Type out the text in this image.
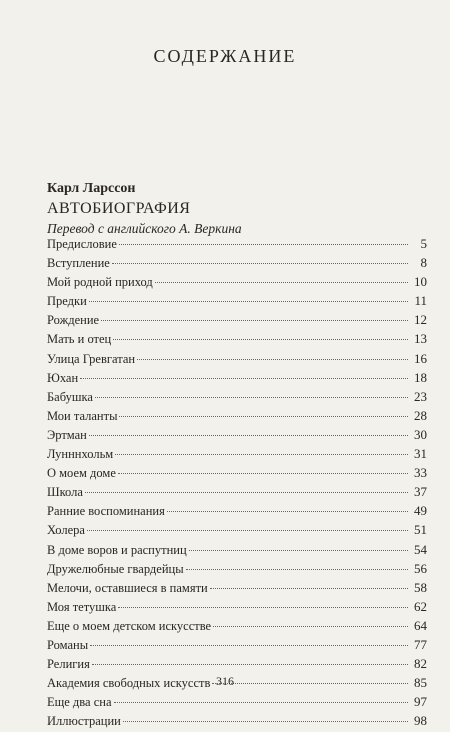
СОДЕРЖАНИЕ
Карл Ларссон
АВТОБИОГРАФИЯ
Перевод с английского А. Веркина
Предисловие	5
Вступление	8
Мой родной приход	10
Предки	11
Рождение	12
Мать и отец	13
Улица Гревгатан	16
Юхан	18
Бабушка	23
Мои таланты	28
Эртман	30
Лунннхольм	31
О моем доме	33
Школа	37
Ранние воспоминания	49
Холера	51
В доме воров и распутниц	54
Дружелюбные гвардейцы	56
Мелочи, оставшиеся в памяти	58
Моя тетушка	62
Еще о моем детском искусстве	64
Романы	77
Религия	82
Академия свободных искусств	85
Еще два сна	97
Иллюстрации	98
316
